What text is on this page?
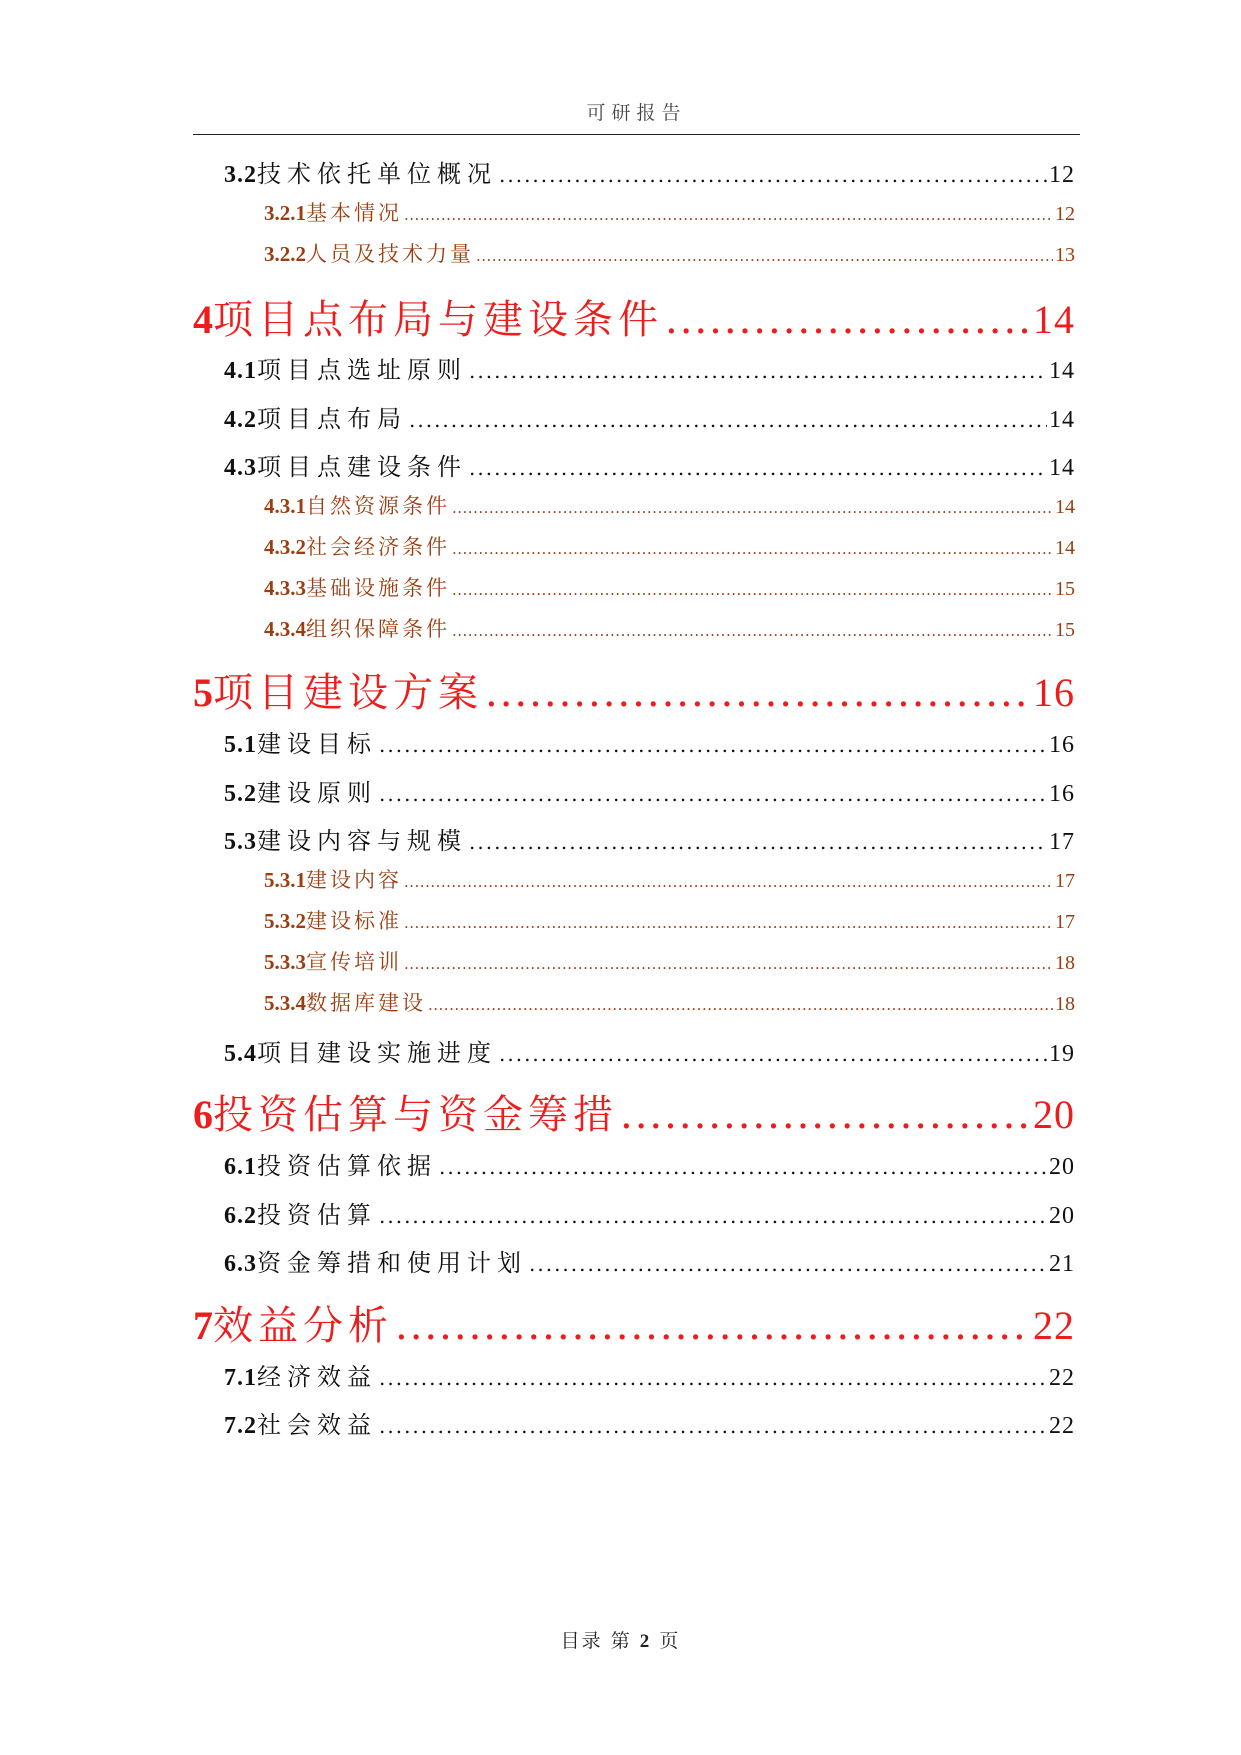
可研报告
3.2 技术依托单位概况 .....	12
3.2.1 基本情况 .....	12
3.2.2 人员及技术力量 .....	13
4 项目点布局与建设条件 .....	14
4.1 项目点选址原则 .....	14
4.2 项目点布局 .....	14
4.3 项目点建设条件 .....	14
4.3.1 自然资源条件 .....	14
4.3.2 社会经济条件 .....	14
4.3.3 基础设施条件 .....	15
4.3.4 组织保障条件 .....	15
5 项目建设方案 .....	16
5.1 建设目标 .....	16
5.2 建设原则 .....	16
5.3 建设内容与规模 .....	17
5.3.1 建设内容 .....	17
5.3.2 建设标准 .....	17
5.3.3 宣传培训 .....	18
5.3.4 数据库建设 .....	18
5.4 项目建设实施进度 .....	19
6 投资估算与资金筹措 .....	20
6.1 投资估算依据 .....	20
6.2 投资估算 .....	20
6.3 资金筹措和使用计划 .....	21
7 效益分析 .....	22
7.1 经济效益 .....	22
7.2 社会效益 .....	22
目录 第 2 页
